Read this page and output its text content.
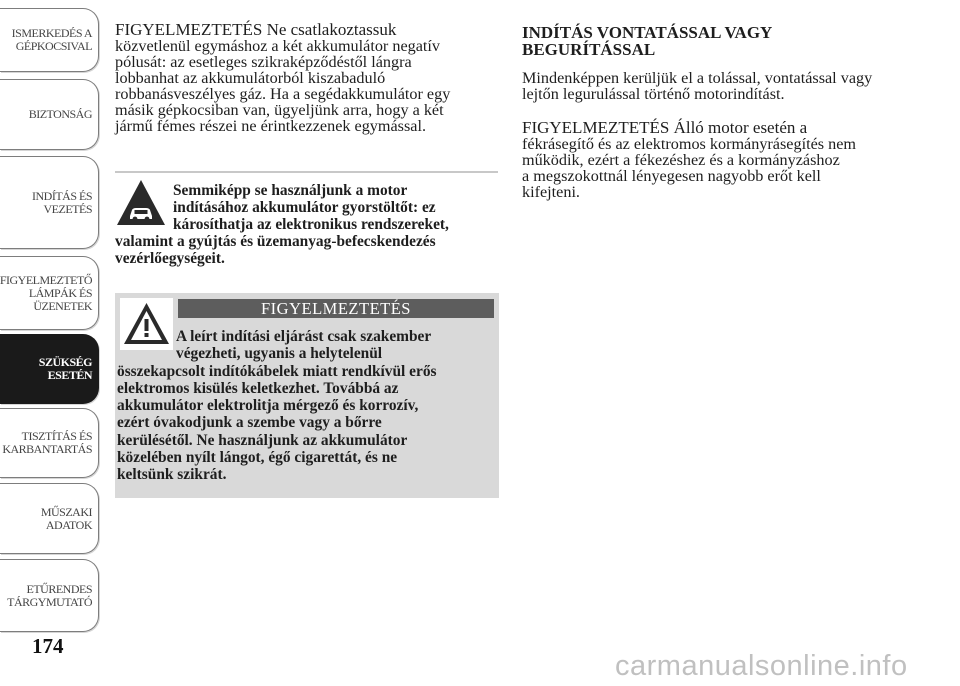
ISMERKEDÉS A
GÉPKOCSIVAL
BIZTONSÁG
INDÍTÁS ÉS
VEZETÉS
FIGYELMEZTETŐ
LÁMPÁK ÉS
ÜZENETEK
SZÜKSÉG ESETÉN
TISZTÍTÁS ÉS
KARBANTARTÁS
MŰSZAKI ADATOK
ETŰRENDES
TÁRGYMUTATÓ
174
FIGYELMEZTETÉS Ne csatlakoztassuk
közvetlenül egymáshoz a két akkumulátor negatív
pólusát: az esetleges szikraképződéstől lángra
lobbanhat az akkumulátorból kiszabaduló
robbanásveszélyes gáz. Ha a segédakkumulátor egy
másik gépkocsiban van, ügyeljünk arra, hogy a két
jármű fémes részei ne érintkezzenek egymással.
Semmiképp se használjunk a motor
indításához akkumulátor gyorstöltőt: ez
károsíthatja az elektronikus rendszereket,
valamint a gyújtás és üzemanyag-befecskendezés
vezérlőegységeit.
FIGYELMEZTETÉS
A leírt indítási eljárást csak szakember
végezheti, ugyanis a helytelenül
összekapcsolt indítókábelek miatt rendkívül erős
elektromos kisülés keletkezhet. Továbbá az
akkumulátor elektrolitja mérgező és korrozív,
ezért óvakodjunk a szembe vagy a bőrre
kerülésétől. Ne használjunk az akkumulátor
közelében nyílt lángot, égő cigarettát, és ne
keltsünk szikrát.
INDÍTÁS VONTATÁSSAL VAGY
BEGURÍTÁSSAL
Mindenképpen kerüljük el a tolással, vontatással vagy
lejtőn legurulással történő motorindítást.
FIGYELMEZTETÉS Álló motor esetén a
fékrásegítő és az elektromos kormányrásegítés nem
működik, ezért a fékezéshez és a kormányzáshoz
a megszokottnál lényegesen nagyobb erőt kell
kifejteni.
carmanualsonline.info
